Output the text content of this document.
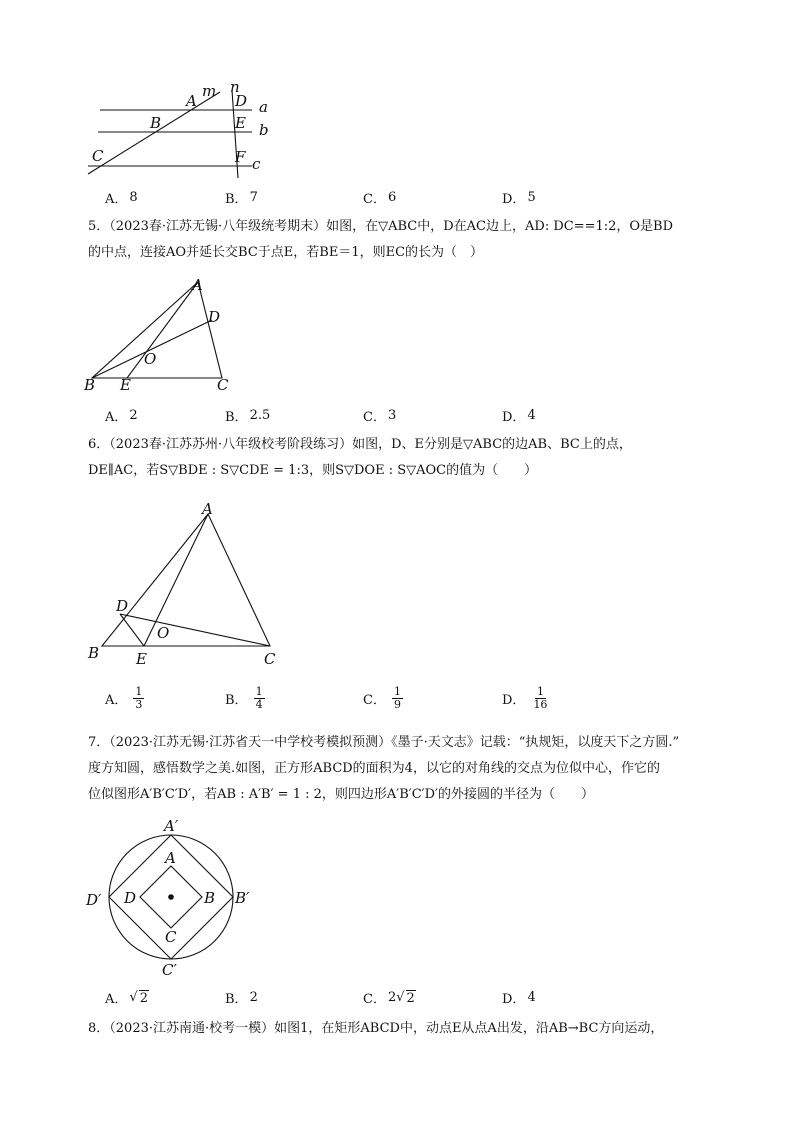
m n
A
B
C
D
E
F
a
b
c
A． 8	B． 7	C． 6	D． 5
5．（2023春·江苏无锡·八年级统考期末）如图，在▽ABC中，D在AC边上，AD: DC==1:2，O是BD
的中点，连接AO并延长交BC于点E，若BE＝1，则EC的长为（　）
A
B	C
D
E
O
A． 2	B． 2.5	C． 3	D． 4
6．（2023春·江苏苏州·八年级校考阶段练习）如图，D、E分别是▽ABC的边AB、BC上的点，
DE∥AC，若S▽BDE : S▽CDE = 1:3，则S▽DOE : S▽AOC的值为（　　）
A
B	C
D
E
O
A． $\frac{1}{3}$	B． $\frac{1}{4}$	C． $\frac{1}{9}$	D． $\frac{1}{16}$
7．（2023·江苏无锡·江苏省天一中学校考模拟预测）《墨子·天文志》记载：“执规矩，以度天下之方圆.”
度方知圆，感悟数学之美.如图，正方形ABCD的面积为4，以它的对角线的交点为位似中心，作它的
位似图形A′B′C′D′，若AB : A′B′ = 1 : 2，则四边形A′B′C′D′的外接圆的半径为（　　）
A′
B′
C′
D′
A
B
C
D
A． √ 2	B． 2	C． 2 √ 2	D． 4
8．（2023·江苏南通·校考一模）如图1，在矩形ABCD中，动点E从点A出发，沿AB→BC方向运动，
